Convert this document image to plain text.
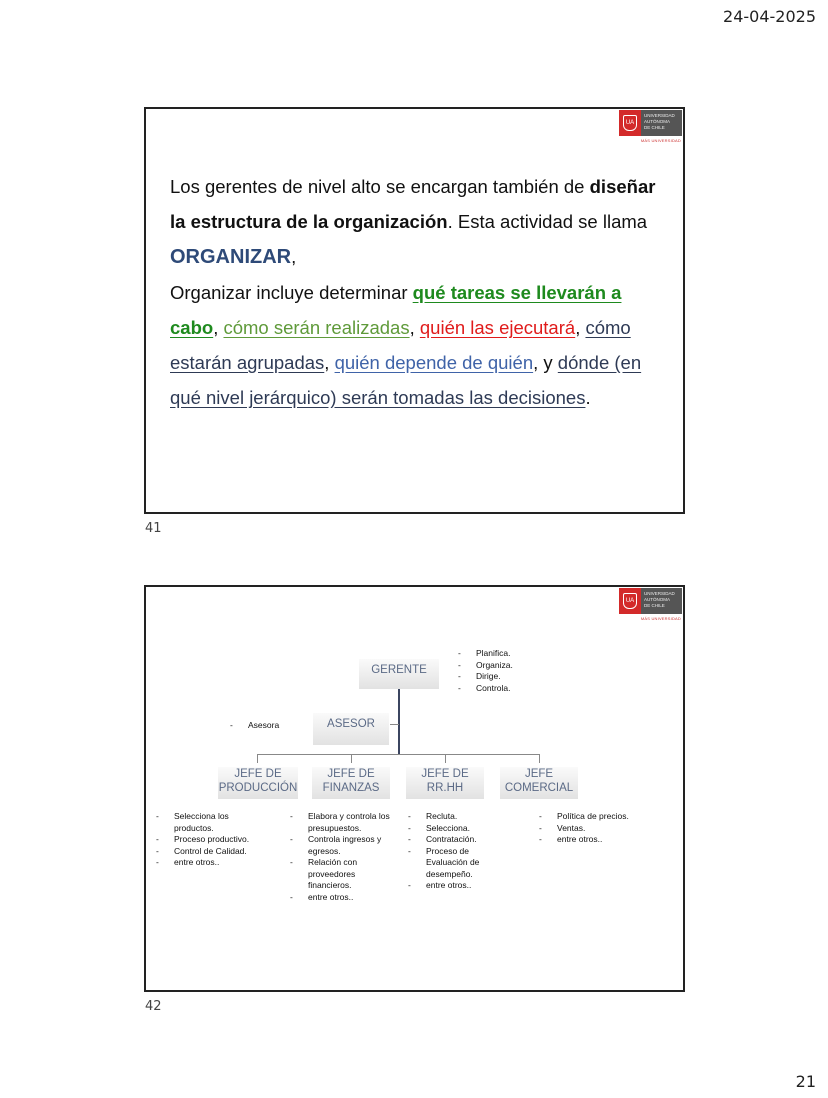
24-04-2025
UA
UNIVERSIDAD
AUTÓNOMA
DE CHILE
MÁS UNIVERSIDAD
Los gerentes de nivel alto se encargan también de diseñar la estructura de la organización. Esta actividad se llama ORGANIZAR,
Organizar incluye determinar qué tareas se llevarán a cabo, cómo serán realizadas, quién las ejecutará, cómo estarán agrupadas, quién depende de quién, y dónde (en qué nivel jerárquico) serán tomadas las decisiones.
41
UA
UNIVERSIDAD
AUTÓNOMA
DE CHILE
MÁS UNIVERSIDAD
GERENTE
- Planifica.
- Organiza.
- Dirige.
- Controla.
ASESOR
- Asesora
JEFE DE
PRODUCCIÓN
JEFE DE
FINANZAS
JEFE DE
RR.HH
JEFE
COMERCIAL
- Selecciona los productos.
- Proceso productivo.
- Control de Calidad.
- entre otros..
- Elabora y controla los presupuestos.
- Controla ingresos y egresos.
- Relación con proveedores financieros.
- entre otros..
- Recluta.
- Selecciona.
- Contratación.
- Proceso de Evaluación de desempeño.
- entre otros..
- Política de precios.
- Ventas.
- entre otros..
42
21
